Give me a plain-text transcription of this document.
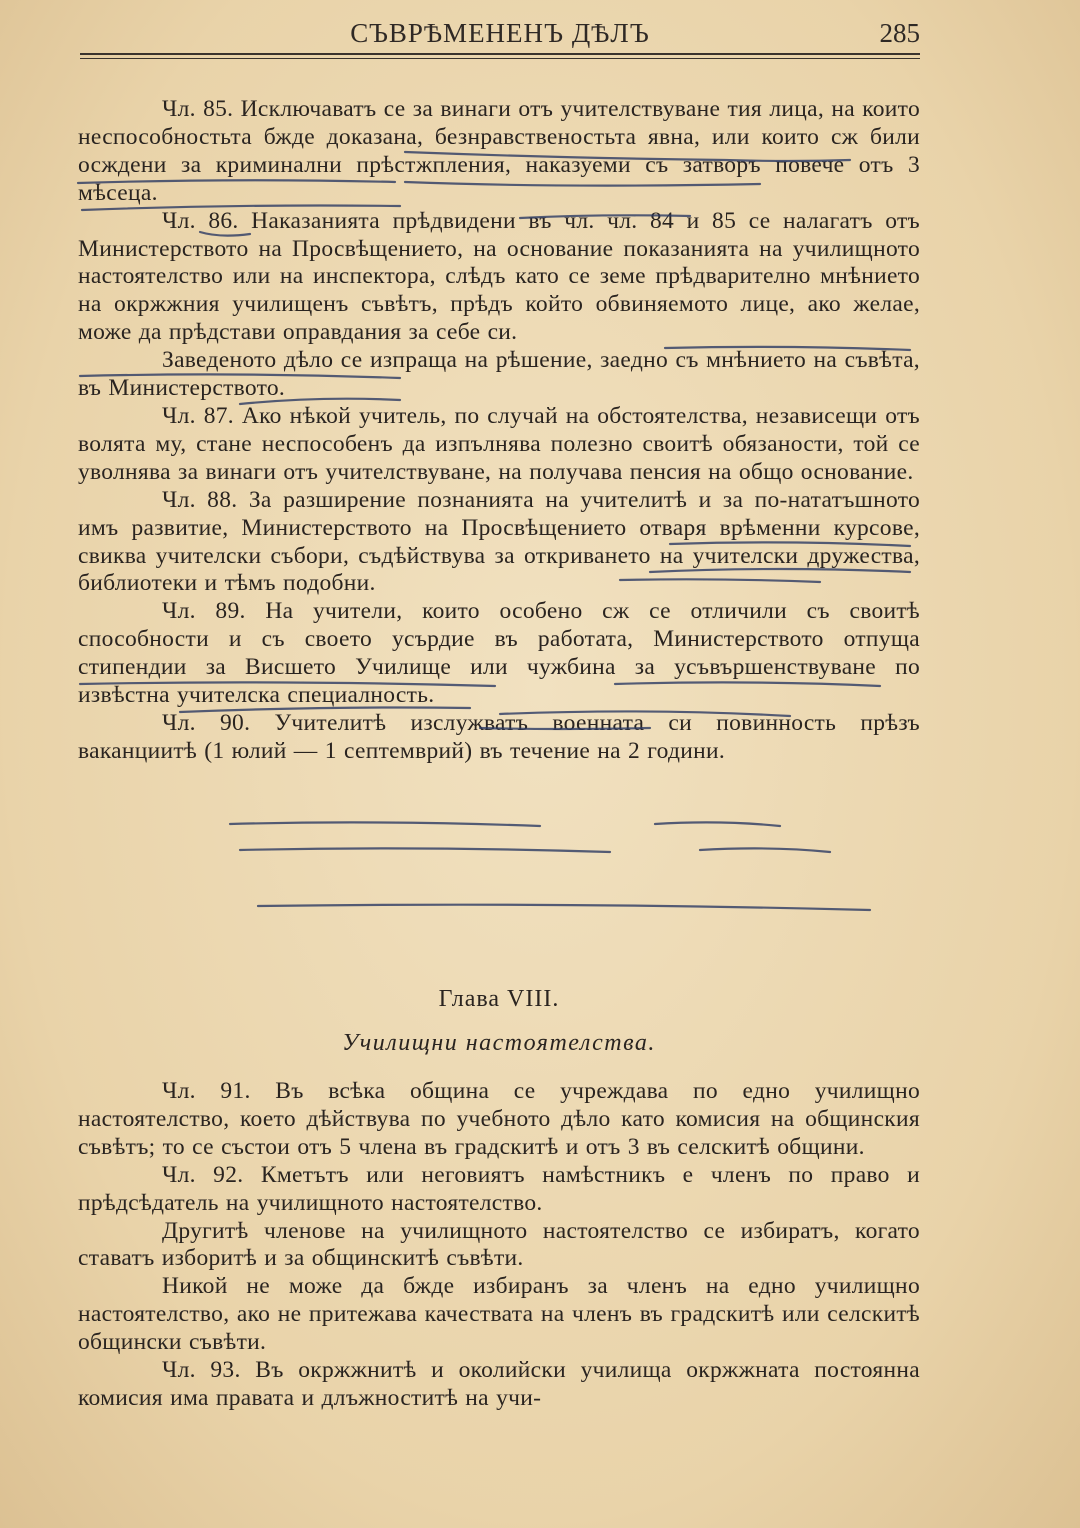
СЪВРѢМЕНЕНЪ ДѢЛЪ	285

Чл. 85. Исключаватъ се за винаги отъ учителствуване тия лица, на които неспособностьта бжде доказана, безнравственостьта явна, или които сж били осждени за криминални прѣстжпления, наказуеми съ затворъ повече отъ 3 мѣсеца.

Чл. 86. Наказанията прѣдвидени въ чл. чл. 84 и 85 се налагатъ отъ Министерството на Просвѣщението, на основание показанията на училищното настоятелство или на инспектора, слѣдъ като се земе прѣдварително мнѣнието на окржжния училищенъ съвѣтъ, прѣдъ който обвиняемото лице, ако желае, може да прѣдстави оправдания за себе си.

Заведеното дѣло се изпраща на рѣшение, заедно съ мнѣнието на съвѣта, въ Министерството.

Чл. 87. Ако нѣкой учитель, по случай на обстоятелства, независещи отъ волята му, стане неспособенъ да изпълнява полезно своитѣ обязаности, той се уволнява за винаги отъ учителствуване, на получава пенсия на общо основание.

Чл. 88. За разширение познанията на учителитѣ и за по-нататъшното имъ развитие, Министерството на Просвѣщението отваря врѣменни курсове, свиква учителски събори, съдѣйствува за откриването на учителски дружества, библиотеки и тѣмъ подобни.

Чл. 89. На учители, които особено сж се отличили съ своитѣ способности и съ своето усърдие въ работата, Министерството отпуща стипендии за Висшето Училище или чужбина за усъвършенствуване по извѣстна учителска специалность.

Чл. 90. Учителитѣ изслужватъ военната си повинность прѣзъ ваканциитѣ (1 юлий — 1 септемврий) въ течение на 2 години.

Глава VIII.
Училищни настоятелства.

Чл. 91. Въ всѣка община се учреждава по едно училищно настоятелство, което дѣйствува по учебното дѣло като комисия на общинския съвѣтъ; то се състои отъ 5 члена въ градскитѣ и отъ 3 въ селскитѣ общини.

Чл. 92. Кметътъ или неговиятъ намѣстникъ е членъ по право и прѣдсѣдатель на училищното настоятелство.

Другитѣ членове на училищното настоятелство се избиратъ, когато ставатъ изборитѣ и за общинскитѣ съвѣти.

Никой не може да бжде избиранъ за членъ на едно училищно настоятелство, ако не притежава качествата на членъ въ градскитѣ или селскитѣ общински съвѣти.

Чл. 93. Въ окржжнитѣ и околийски училища окржжната постоянна комисия има правата и длъжноститѣ на учи-
